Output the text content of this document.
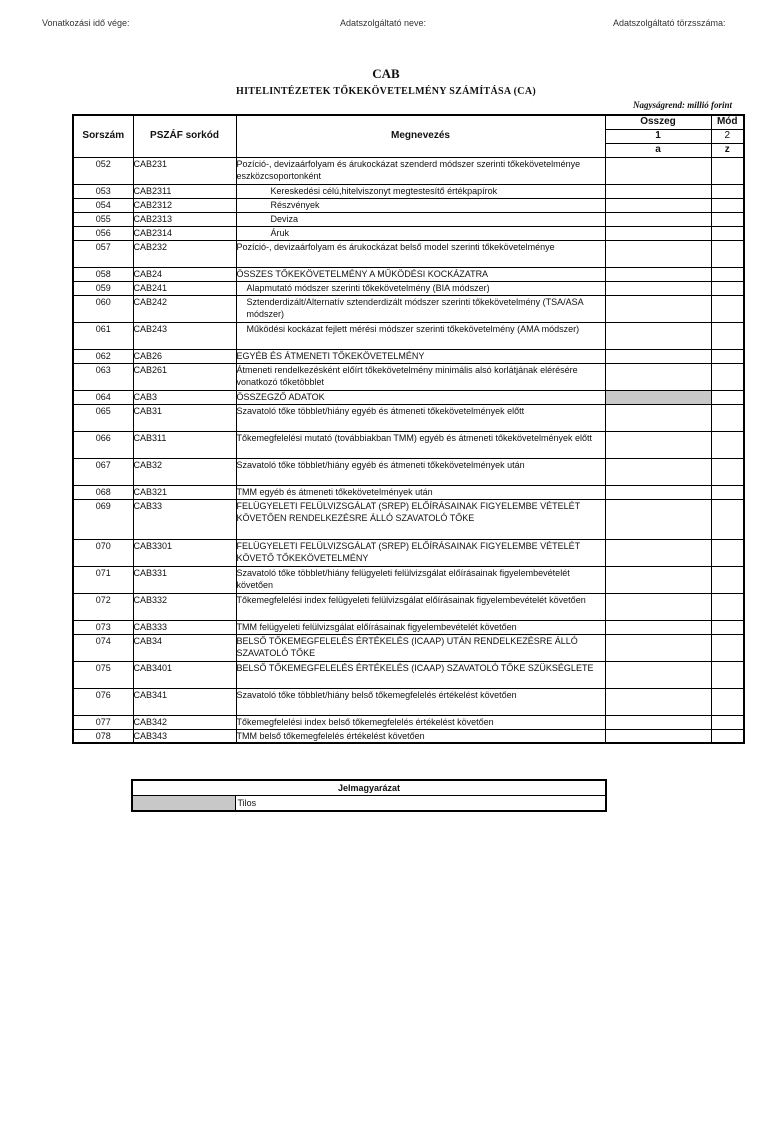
Vonatkozási idő vége:	Adatszolgáltató neve:	Adatszolgáltató törzsszáma:
CAB
HITELINTÉZETEK TŐKEKÖVETELMÉNY SZÁMÍTÁSA (CA)
Nagyságrend: millió forint
Sorszám	PSZÁF sorkód	Megnevezés	Összeg	Mód
			1	2
			a	z
052	CAB231	Pozíció-, devizaárfolyam és árukockázat szenderd módszer szerinti tőkekövetelménye eszközcsoportonként		
053	CAB2311	Kereskedési célú,hitelviszonyt megtestesítő értékpapírok		
054	CAB2312	Részvények		
055	CAB2313	Deviza		
056	CAB2314	Áruk		
057	CAB232	Pozíció-, devizaárfolyam és árukockázat belső model szerinti tőkekövetelménye		
058	CAB24	ÖSSZES TŐKEKÖVETELMÉNY A MŰKÖDÉSI KOCKÁZATRA		
059	CAB241	Alapmutató módszer szerinti tőkekövetelmény (BIA módszer)		
060	CAB242	Sztenderdizált/Alternatív sztenderdizált módszer szerinti tőkekövetelmény (TSA/ASA módszer)		
061	CAB243	Működési kockázat fejlett mérési módszer szerinti tőkekövetelmény (AMA módszer)		
062	CAB26	EGYÉB ÉS ÁTMENETI TŐKEKÖVETELMÉNY		
063	CAB261	Átmeneti rendelkezésként előírt tőkekövetelmény minimális alsó korlátjának elérésére vonatkozó tőketöbblet		
064	CAB3	ÖSSZEGZŐ ADATOK		
065	CAB31	Szavatoló tőke többlet/hiány egyéb és átmeneti tőkekövetelmények előtt		
066	CAB311	Tőkemegfelelési mutató (továbbiakban TMM) egyéb és átmeneti tőkekövetelmények előtt		
067	CAB32	Szavatoló tőke többlet/hiány egyéb és átmeneti tőkekövetelmények után		
068	CAB321	TMM egyéb és átmeneti tőkekövetelmények után		
069	CAB33	FELÜGYELETI FELÜLVIZSGÁLAT (SREP) ELŐÍRÁSAINAK FIGYELEMBE VÉTELÉT KÖVETŐEN RENDELKEZÉSRE ÁLLÓ SZAVATOLÓ TŐKE		
070	CAB3301	FELÜGYELETI FELÜLVIZSGÁLAT (SREP) ELŐÍRÁSAINAK FIGYELEMBE VÉTELÉT KÖVETŐ TŐKEKÖVETELMÉNY		
071	CAB331	Szavatoló tőke többlet/hiány felügyeleti felülvizsgálat előírásainak figyelembevételét követően		
072	CAB332	Tőkemegfelelési index felügyeleti felülvizsgálat előírásainak figyelembevételét követően		
073	CAB333	TMM felügyeleti felülvizsgálat előírásainak figyelembevételét követően		
074	CAB34	BELSŐ TŐKEMEGFELELÉS ÉRTÉKELÉS (ICAAP) UTÁN RENDELKEZÉSRE ÁLLÓ SZAVATOLÓ TŐKE		
075	CAB3401	BELSŐ TŐKEMEGFELELÉS ÉRTÉKELÉS (ICAAP) SZAVATOLÓ TŐKE SZÜKSÉGLETE		
076	CAB341	Szavatoló tőke többlet/hiány belső tőkemegfelelés értékelést követően		
077	CAB342	Tőkemegfelelési index belső tőkemegfelelés értékelést követően		
078	CAB343	TMM belső tőkemegfelelés értékelést követően		
Jelmagyarázat
	Tilos
